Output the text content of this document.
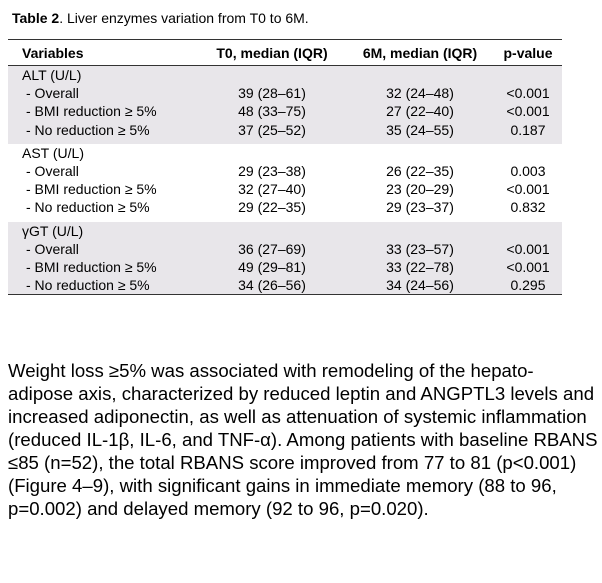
Table 2. Liver enzymes variation from T0 to 6M.
Variables	T0, median (IQR)	6M, median (IQR)	p-value
ALT (U/L)			
- Overall	39 (28–61)	32 (24–48)	<0.001
- BMI reduction ≥ 5%	48 (33–75)	27 (22–40)	<0.001
- No reduction ≥ 5%	37 (25–52)	35 (24–55)	0.187

AST (U/L)			
- Overall	29 (23–38)	26 (22–35)	0.003
- BMI reduction ≥ 5%	32 (27–40)	23 (20–29)	<0.001
- No reduction ≥ 5%	29 (22–35)	29 (23–37)	0.832

γGT (U/L)			
- Overall	36 (27–69)	33 (23–57)	<0.001
- BMI reduction ≥ 5%	49 (29–81)	33 (22–78)	<0.001
- No reduction ≥ 5%	34 (26–56)	34 (24–56)	0.295
Weight loss ≥5% was associated with remodeling of the hepato-adipose axis, characterized by reduced leptin and ANGPTL3 levels and increased adiponectin, as well as attenuation of systemic inflammation (reduced IL-1β, IL-6, and TNF-α). Among patients with baseline RBANS ≤85 (n=52), the total RBANS score improved from 77 to 81 (p<0.001) (Figure 4–9), with significant gains in immediate memory (88 to 96, p=0.002) and delayed memory (92 to 96, p=0.020).
